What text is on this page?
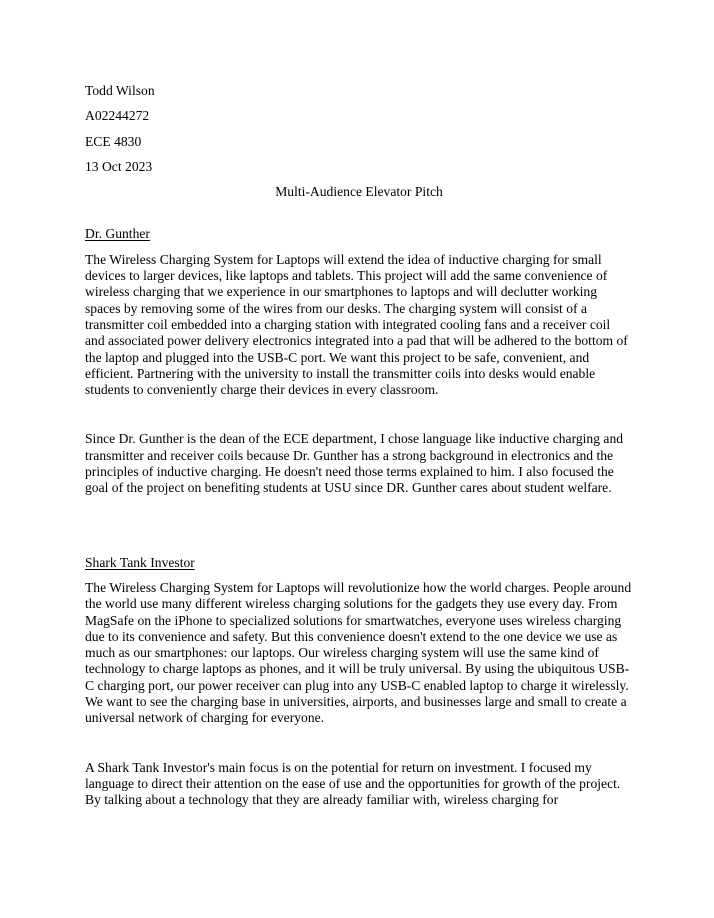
Todd Wilson
A02244272
ECE 4830
13 Oct 2023
Multi-Audience Elevator Pitch
Dr. Gunther

The Wireless Charging System for Laptops will extend the idea of inductive charging for small devices to larger devices, like laptops and tablets. This project will add the same convenience of wireless charging that we experience in our smartphones to laptops and will declutter working spaces by removing some of the wires from our desks. The charging system will consist of a transmitter coil embedded into a charging station with integrated cooling fans and a receiver coil and associated power delivery electronics integrated into a pad that will be adhered to the bottom of the laptop and plugged into the USB-C port. We want this project to be safe, convenient, and efficient. Partnering with the university to install the transmitter coils into desks would enable students to conveniently charge their devices in every classroom.

Since Dr. Gunther is the dean of the ECE department, I chose language like inductive charging and transmitter and receiver coils because Dr. Gunther has a strong background in electronics and the principles of inductive charging. He doesn't need those terms explained to him. I also focused the goal of the project on benefiting students at USU since DR. Gunther cares about student welfare.

Shark Tank Investor

The Wireless Charging System for Laptops will revolutionize how the world charges. People around the world use many different wireless charging solutions for the gadgets they use every day. From MagSafe on the iPhone to specialized solutions for smartwatches, everyone uses wireless charging due to its convenience and safety. But this convenience doesn't extend to the one device we use as much as our smartphones: our laptops. Our wireless charging system will use the same kind of technology to charge laptops as phones, and it will be truly universal. By using the ubiquitous USB-C charging port, our power receiver can plug into any USB-C enabled laptop to charge it wirelessly. We want to see the charging base in universities, airports, and businesses large and small to create a universal network of charging for everyone.

A Shark Tank Investor's main focus is on the potential for return on investment. I focused my language to direct their attention on the ease of use and the opportunities for growth of the project. By talking about a technology that they are already familiar with, wireless charging for
